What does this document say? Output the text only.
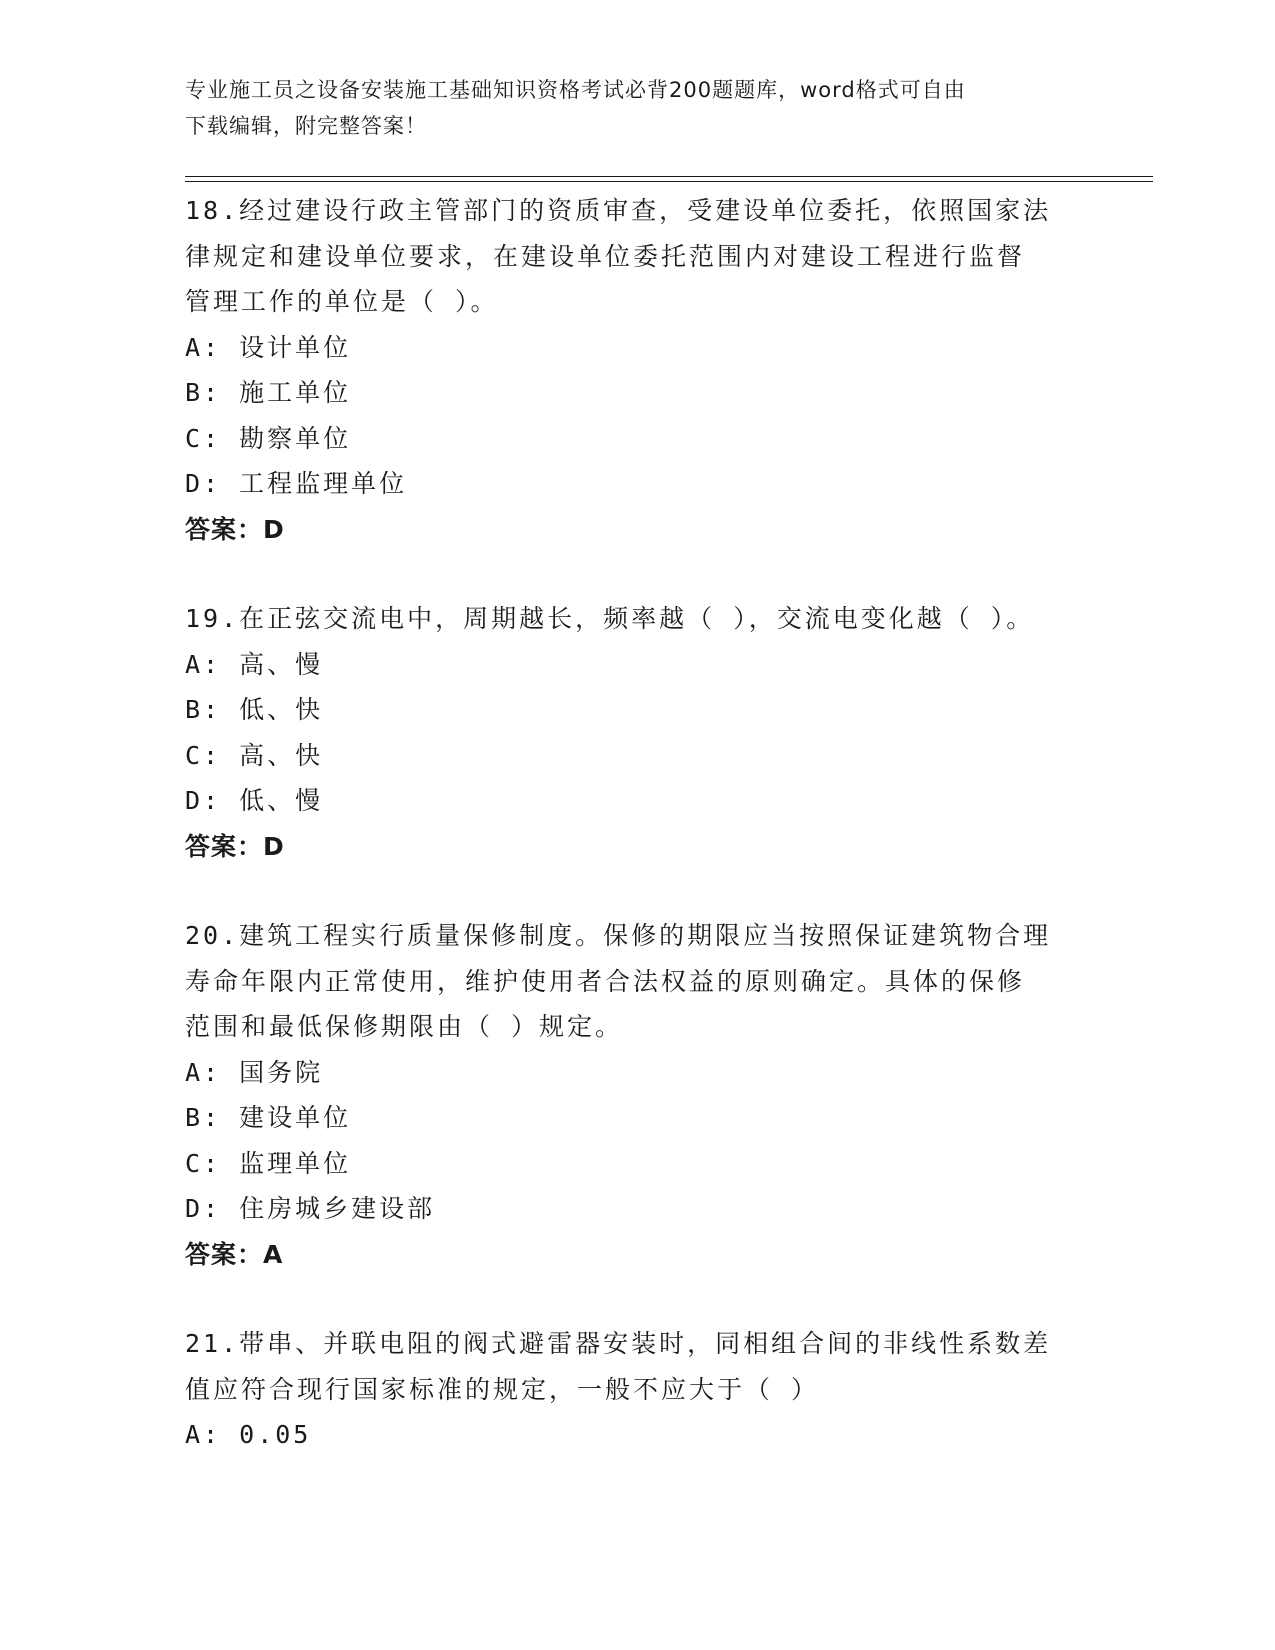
专业施工员之设备安装施工基础知识资格考试必背200题题库，word格式可自由
下载编辑，附完整答案！

18.经过建设行政主管部门的资质审查，受建设单位委托，依照国家法

律规定和建设单位要求，在建设单位委托范围内对建设工程进行监督

管理工作的单位是（ ）。

A: 设计单位

B: 施工单位

C: 勘察单位

D: 工程监理单位

答案：D

19.在正弦交流电中，周期越长，频率越（ ），交流电变化越（ ）。

A: 高、慢

B: 低、快

C: 高、快

D: 低、慢

答案：D

20.建筑工程实行质量保修制度。保修的期限应当按照保证建筑物合理

寿命年限内正常使用，维护使用者合法权益的原则确定。具体的保修

范围和最低保修期限由（ ）规定。

A: 国务院

B: 建设单位

C: 监理单位

D: 住房城乡建设部

答案：A

21.带串、并联电阻的阀式避雷器安装时，同相组合间的非线性系数差

值应符合现行国家标准的规定，一般不应大于（ ）

A: 0.05
